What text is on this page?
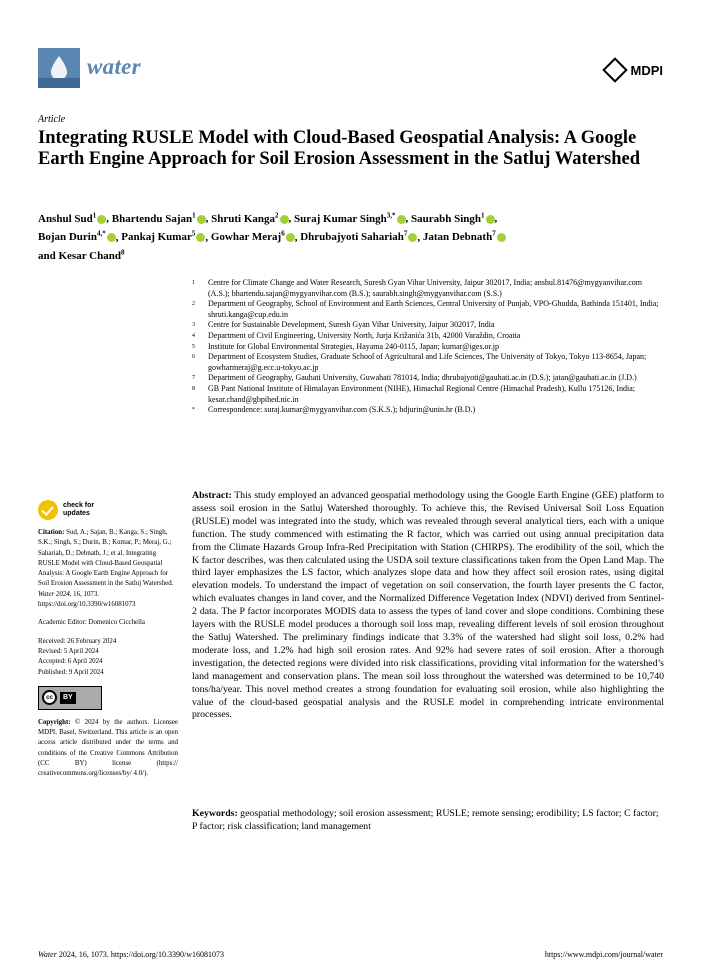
water	MDPI
Article
Integrating RUSLE Model with Cloud-Based Geospatial Analysis: A Google Earth Engine Approach for Soil Erosion Assessment in the Satluj Watershed
Anshul Sud$^1$ , Bhartendu Sajan$^1$ , Shruti Kanga$^2$ , Suraj Kumar Singh$^{3,*}$ , Saurabh Singh$^1$ ,
Bojan Durin$^{4,*}$ , Pankaj Kumar$^5$ , Gowhar Meraj$^6$ , Dhrubajyoti Sahariah$^7$ , Jatan Debnath$^7$
and Kesar Chand$^8$
1	Centre for Climate Change and Water Research, Suresh Gyan Vihar University, Jaipur 302017, India; anshul.81476@mygyanvihar.com (A.S.); bhartendu.sajan@mygyanvihar.com (B.S.); saurabh.singh@mygyanvihar.com (S.S.)
2	Department of Geography, School of Environment and Earth Sciences, Central University of Punjab, VPO-Ghudda, Bathinda 151401, India; shruti.kanga@cup.edu.in
3	Centre for Sustainable Development, Suresh Gyan Vihar University, Jaipur 302017, India
4	Department of Civil Engineering, University North, Jurja Križanića 31b, 42000 Varaždin, Croatia
5	Institute for Global Environmental Strategies, Hayama 240-0115, Japan; kumar@iges.or.jp
6	Department of Ecosystem Studies, Graduate School of Agricultural and Life Sciences, The University of Tokyo, Tokyo 113-8654, Japan; gowharmeraj@g.ecc.u-tokyo.ac.jp
7	Department of Geography, Gauhati University, Guwahati 781014, India; dhrubajyoti@gauhati.ac.in (D.S.); jatan@gauhati.ac.in (J.D.)
8	GB Pant National Institute of Himalayan Environment (NIHE), Himachal Regional Centre (Himachal Pradesh), Kullu 175126, India; kesar.chand@gbpihed.nic.in
*	Correspondence: suraj.kumar@mygyanvihar.com (S.K.S.); bdjurin@unin.hr (B.D.)
check for
updates
Citation: Sud, A.; Sajan, B.; Kanga, S.; Singh, S.K.; Singh, S.; Durin, B.; Kumar, P.; Meraj, G.; Sahariah, D.; Debnath, J.; et al. Integrating RUSLE Model with Cloud-Based Geospatial Analysis: A Google Earth Engine Approach for Soil Erosion Assessment in the Satluj Watershed. Water 2024, 16, 1073. https://doi.org/10.3390/w16081073
Academic Editor: Domenico Cicchella
Received: 26 February 2024
Revised: 5 April 2024
Accepted: 6 April 2024
Published: 9 April 2024
cc	BY
Copyright: © 2024 by the authors. Licensee MDPI, Basel, Switzerland. This article is an open access article distributed under the terms and conditions of the Creative Commons Attribution (CC BY) license (https:// creativecommons.org/licenses/by/ 4.0/).
Abstract: This study employed an advanced geospatial methodology using the Google Earth Engine (GEE) platform to assess soil erosion in the Satluj Watershed thoroughly. To achieve this, the Revised Universal Soil Loss Equation (RUSLE) model was integrated into the study, which was revealed through several analytical tiers, each with a unique function. The study commenced with estimating the R factor, which was carried out using annual precipitation data from the Climate Hazards Group Infra-Red Precipitation with Station (CHIRPS). The erodibility of the soil, which the K factor describes, was then calculated using the USDA soil texture classifications taken from the Open Land Map. The third layer emphasizes the LS factor, which analyzes slope data and how they affect soil erosion rates, using digital elevation models. To understand the impact of vegetation on soil conservation, the fourth layer presents the C factor, which evaluates changes in land cover, and the Normalized Difference Vegetation Index (NDVI) derived from Sentinel-2 data. The P factor incorporates MODIS data to assess the types of land cover and slope conditions. Combining these layers with the RUSLE model produces a thorough soil loss map, revealing different levels of soil erosion throughout the Satluj Watershed. The preliminary findings indicate that 3.3% of the watershed had slight soil loss, 0.2% had moderate loss, and 1.2% had high soil erosion rates. And 92% had severe rates of soil erosion. After a thorough investigation, the detected regions were divided into risk classifications, providing vital information for the watershed’s land management and conservation plans. The mean soil loss throughout the watershed was determined to be 10,740 tons/ha/year. This novel method creates a strong foundation for evaluating soil erosion, while also highlighting the value of the cloud-based geospatial analysis and the RUSLE model in comprehending intricate environmental processes.
Keywords: geospatial methodology; soil erosion assessment; RUSLE; remote sensing; erodibility; LS factor; C factor; P factor; risk classification; land management
Water 2024, 16, 1073. https://doi.org/10.3390/w16081073	https://www.mdpi.com/journal/water
